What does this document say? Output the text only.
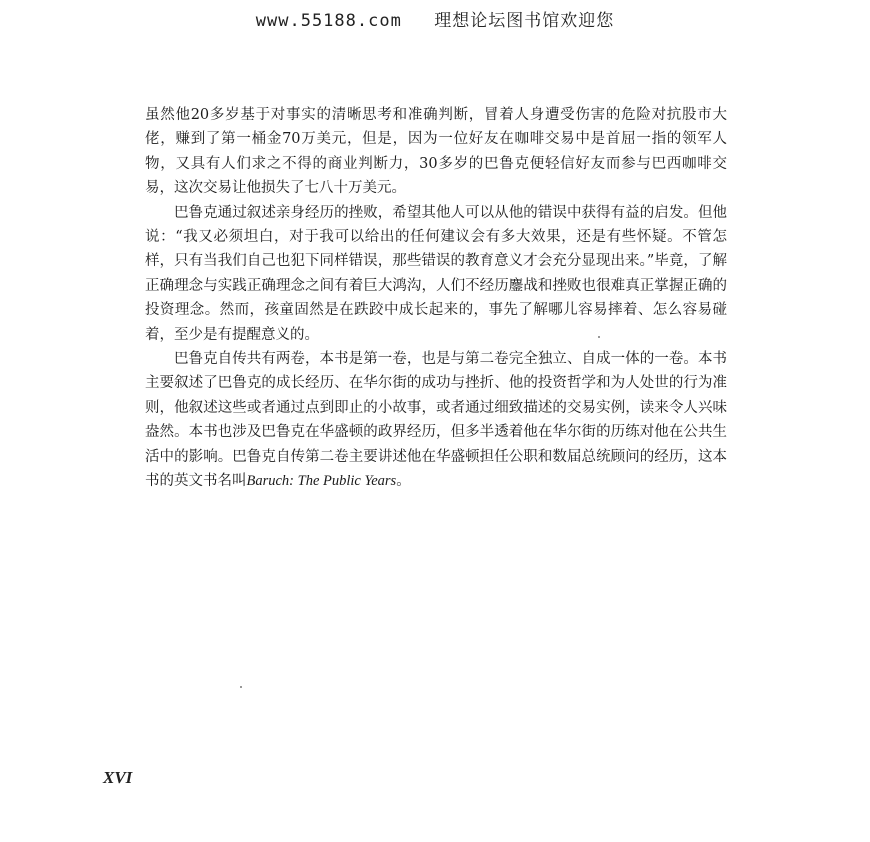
www.55188.com 理想论坛图书馆欢迎您

虽然他20多岁基于对事实的清晰思考和准确判断，冒着人身遭受伤害的危险对抗股市大佬，赚到了第一桶金70万美元，但是，因为一位好友在咖啡交易中是首屈一指的领军人物，又具有人们求之不得的商业判断力，30多岁的巴鲁克便轻信好友而参与巴西咖啡交易，这次交易让他损失了七八十万美元。

巴鲁克通过叙述亲身经历的挫败，希望其他人可以从他的错误中获得有益的启发。但他说：“我又必须坦白，对于我可以给出的任何建议会有多大效果，还是有些怀疑。不管怎样，只有当我们自己也犯下同样错误，那些错误的教育意义才会充分显现出来。”毕竟，了解正确理念与实践正确理念之间有着巨大鸿沟，人们不经历鏖战和挫败也很难真正掌握正确的投资理念。然而，孩童固然是在跌跤中成长起来的，事先了解哪儿容易摔着、怎么容易碰着，至少是有提醒意义的。

巴鲁克自传共有两卷，本书是第一卷，也是与第二卷完全独立、自成一体的一卷。本书主要叙述了巴鲁克的成长经历、在华尔街的成功与挫折、他的投资哲学和为人处世的行为准则，他叙述这些或者通过点到即止的小故事，或者通过细致描述的交易实例，读来令人兴味盎然。本书也涉及巴鲁克在华盛顿的政界经历，但多半透着他在华尔街的历练对他在公共生活中的影响。巴鲁克自传第二卷主要讲述他在华盛顿担任公职和数届总统顾问的经历，这本书的英文书名叫Baruch: The Public Years。

XVI
